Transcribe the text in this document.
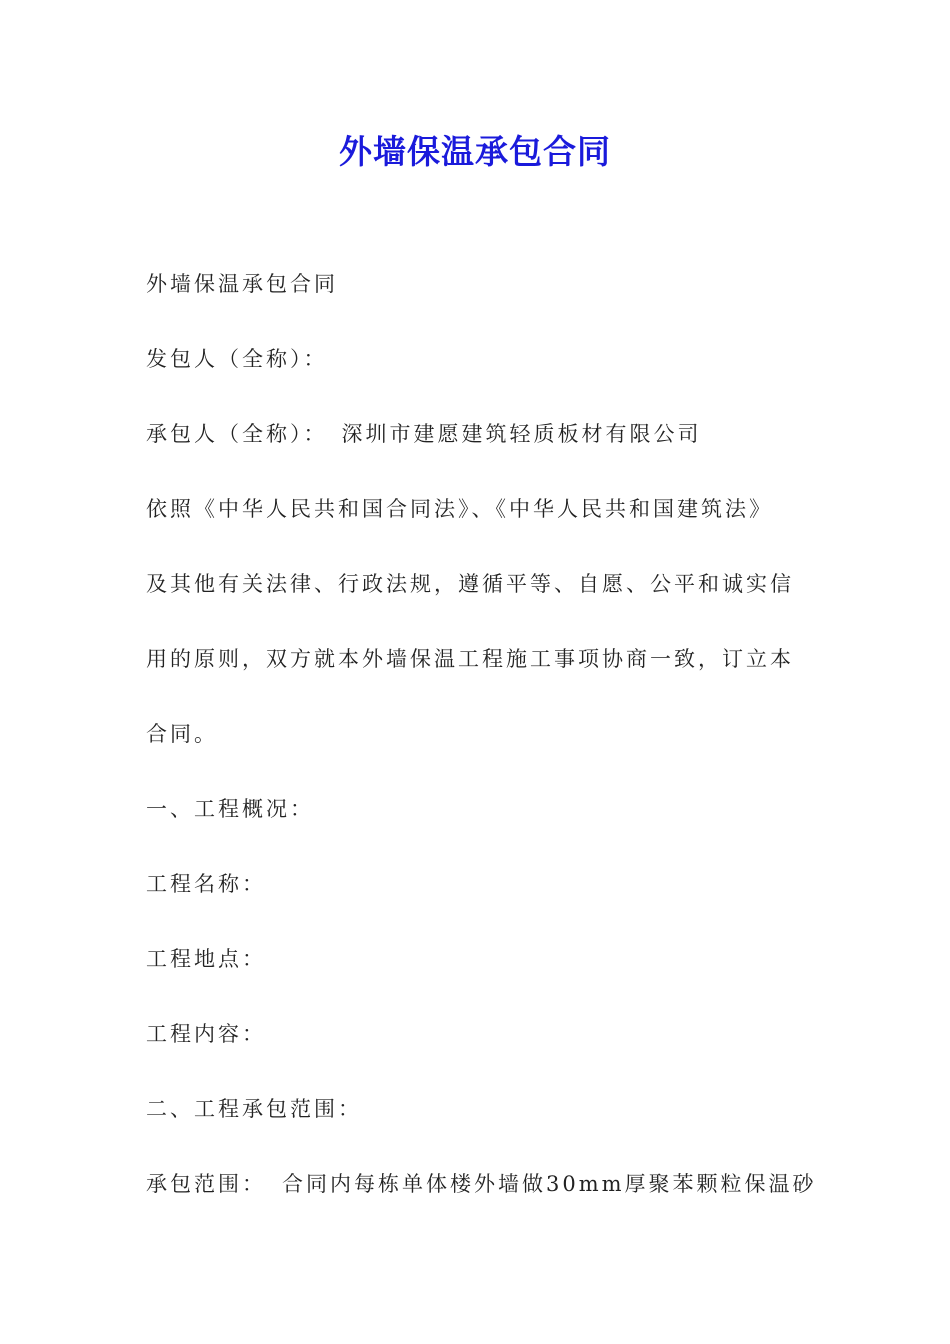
外墙保温承包合同

外墙保温承包合同

发包人（全称）：

承包人（全称）： 深圳市建愿建筑轻质板材有限公司

依照《中华人民共和国合同法》、《中华人民共和国建筑法》

及其他有关法律、行政法规，遵循平等、自愿、公平和诚实信

用的原则，双方就本外墙保温工程施工事项协商一致，订立本

合同。

一、工程概况：

工程名称：

工程地点：

工程内容：

二、工程承包范围：

承包范围： 合同内每栋单体楼外墙做30mm厚聚苯颗粒保温砂
